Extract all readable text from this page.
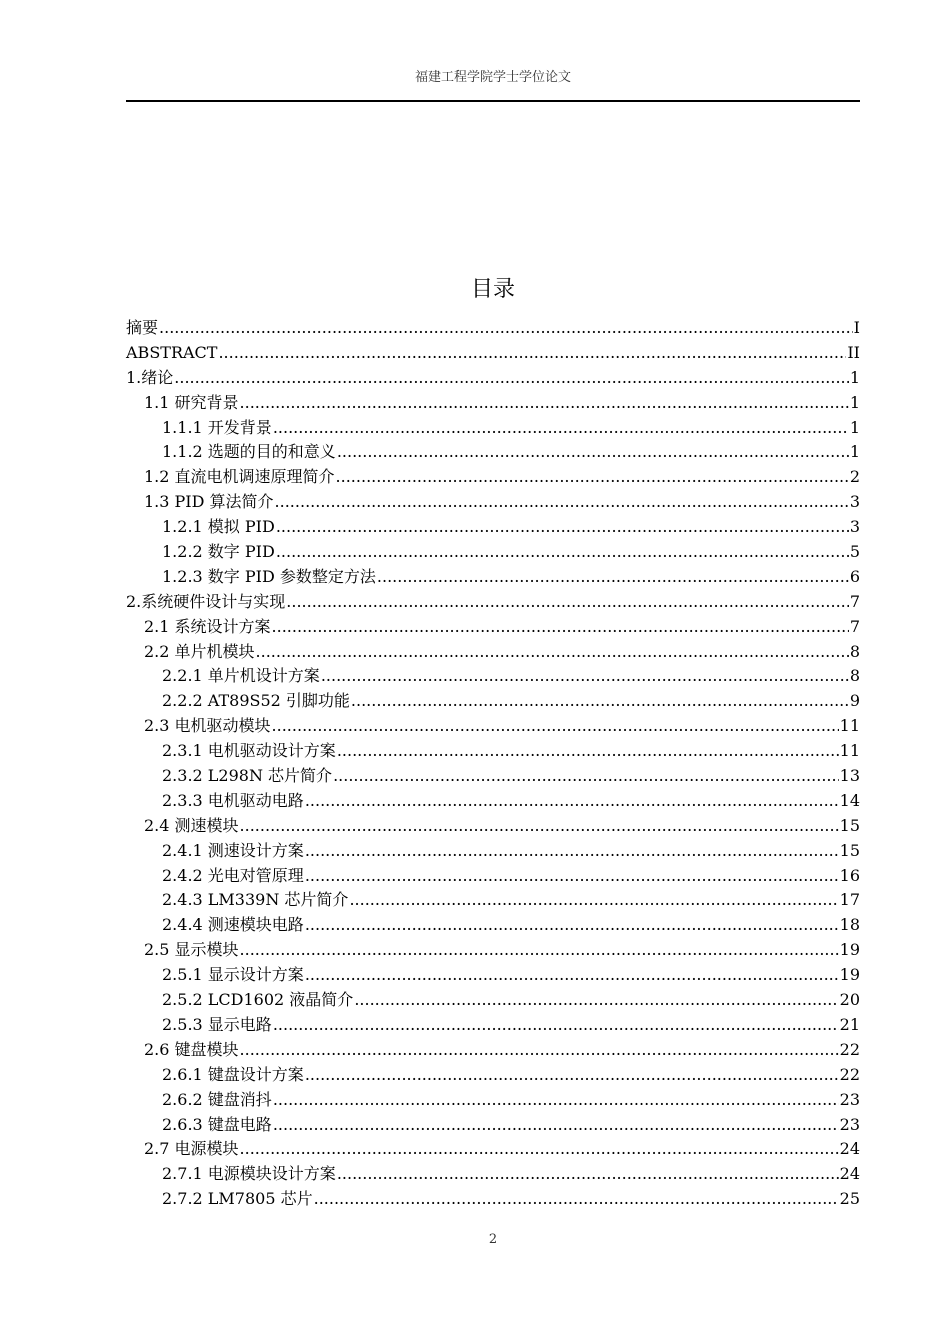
福建工程学院学士学位论文
目录
摘要 .....	I
ABSTRACT .....	II
1.绪论 .....	1
1.1 研究背景 .....	1
1.1.1 开发背景 .....	1
1.1.2 选题的目的和意义 .....	1
1.2 直流电机调速原理简介 .....	2
1.3 PID 算法简介 .....	3
1.2.1 模拟 PID .....	3
1.2.2 数字 PID .....	5
1.2.3 数字 PID 参数整定方法 .....	6
2.系统硬件设计与实现 .....	7
2.1 系统设计方案 .....	7
2.2 单片机模块 .....	8
2.2.1 单片机设计方案 .....	8
2.2.2 AT89S52 引脚功能 .....	9
2.3 电机驱动模块 .....	11
2.3.1 电机驱动设计方案 .....	11
2.3.2 L298N 芯片简介 .....	13
2.3.3 电机驱动电路 .....	14
2.4 测速模块 .....	15
2.4.1 测速设计方案 .....	15
2.4.2 光电对管原理 .....	16
2.4.3 LM339N 芯片简介 .....	17
2.4.4 测速模块电路 .....	18
2.5 显示模块 .....	19
2.5.1 显示设计方案 .....	19
2.5.2 LCD1602 液晶简介 .....	20
2.5.3 显示电路 .....	21
2.6 键盘模块 .....	22
2.6.1 键盘设计方案 .....	22
2.6.2 键盘消抖 .....	23
2.6.3 键盘电路 .....	23
2.7 电源模块 .....	24
2.7.1 电源模块设计方案 .....	24
2.7.2 LM7805 芯片 .....	25
2
